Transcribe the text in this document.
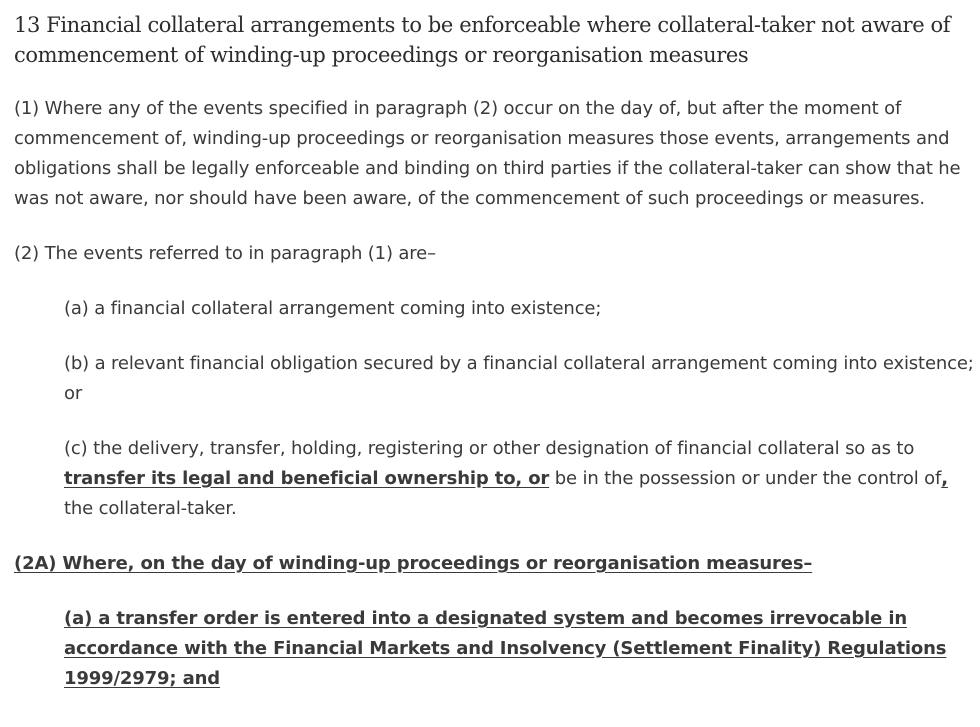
13 Financial collateral arrangements to be enforceable where collateral-taker not aware of commencement of winding-up proceedings or reorganisation measures

(1) Where any of the events specified in paragraph (2) occur on the day of, but after the moment of commencement of, winding-up proceedings or reorganisation measures those events, arrangements and obligations shall be legally enforceable and binding on third parties if the collateral-taker can show that he was not aware, nor should have been aware, of the commencement of such proceedings or measures.

(2) The events referred to in paragraph (1) are–

(a) a financial collateral arrangement coming into existence;

(b) a relevant financial obligation secured by a financial collateral arrangement coming into existence; or

(c) the delivery, transfer, holding, registering or other designation of financial collateral so as to transfer its legal and beneficial ownership to, or be in the possession or under the control of, the collateral-taker.

(2A) Where, on the day of winding-up proceedings or reorganisation measures–

(a) a transfer order is entered into a designated system and becomes irrevocable in accordance with the Financial Markets and Insolvency (Settlement Finality) Regulations 1999/2979; and
